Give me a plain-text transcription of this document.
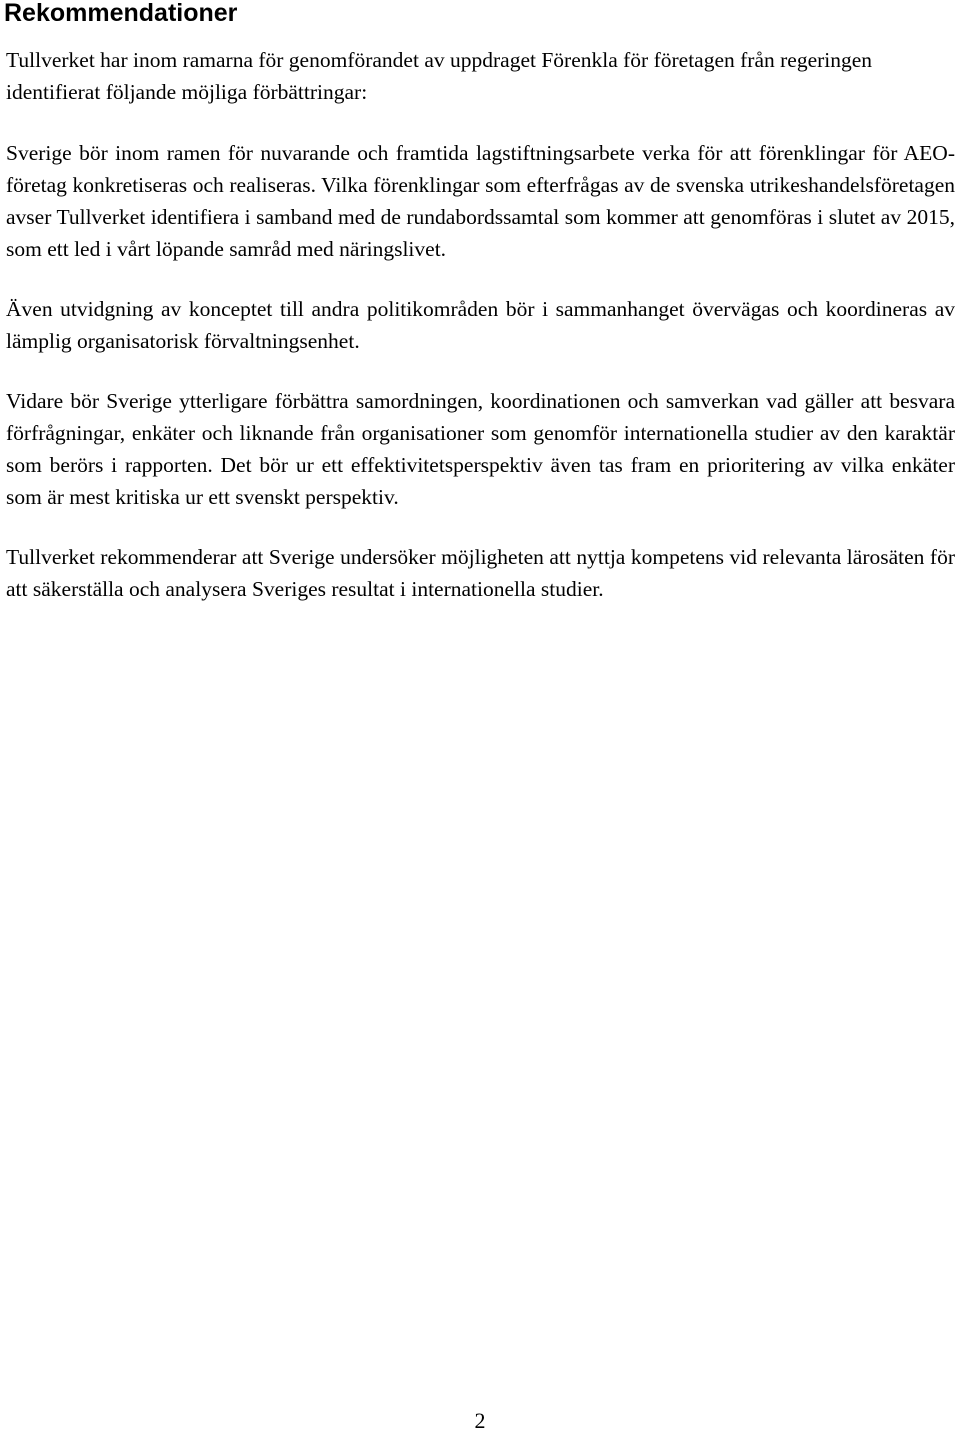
Rekommendationer

Tullverket har inom ramarna för genomförandet av uppdraget Förenkla för företagen från regeringen identifierat följande möjliga förbättringar:

Sverige bör inom ramen för nuvarande och framtida lagstiftningsarbete verka för att förenklingar för AEO-företag konkretiseras och realiseras. Vilka förenklingar som efterfrågas av de svenska utrikeshandelsföretagen avser Tullverket identifiera i samband med de rundabordssamtal som kommer att genomföras i slutet av 2015, som ett led i vårt löpande samråd med näringslivet.

Även utvidgning av konceptet till andra politikområden bör i sammanhanget övervägas och koordineras av lämplig organisatorisk förvaltningsenhet.

Vidare bör Sverige ytterligare förbättra samordningen, koordinationen och samverkan vad gäller att besvara förfrågningar, enkäter och liknande från organisationer som genomför internationella studier av den karaktär som berörs i rapporten. Det bör ur ett effektivitetsperspektiv även tas fram en prioritering av vilka enkäter som är mest kritiska ur ett svenskt perspektiv.

Tullverket rekommenderar att Sverige undersöker möjligheten att nyttja kompetens vid relevanta lärosäten för att säkerställa och analysera Sveriges resultat i internationella studier.

2
